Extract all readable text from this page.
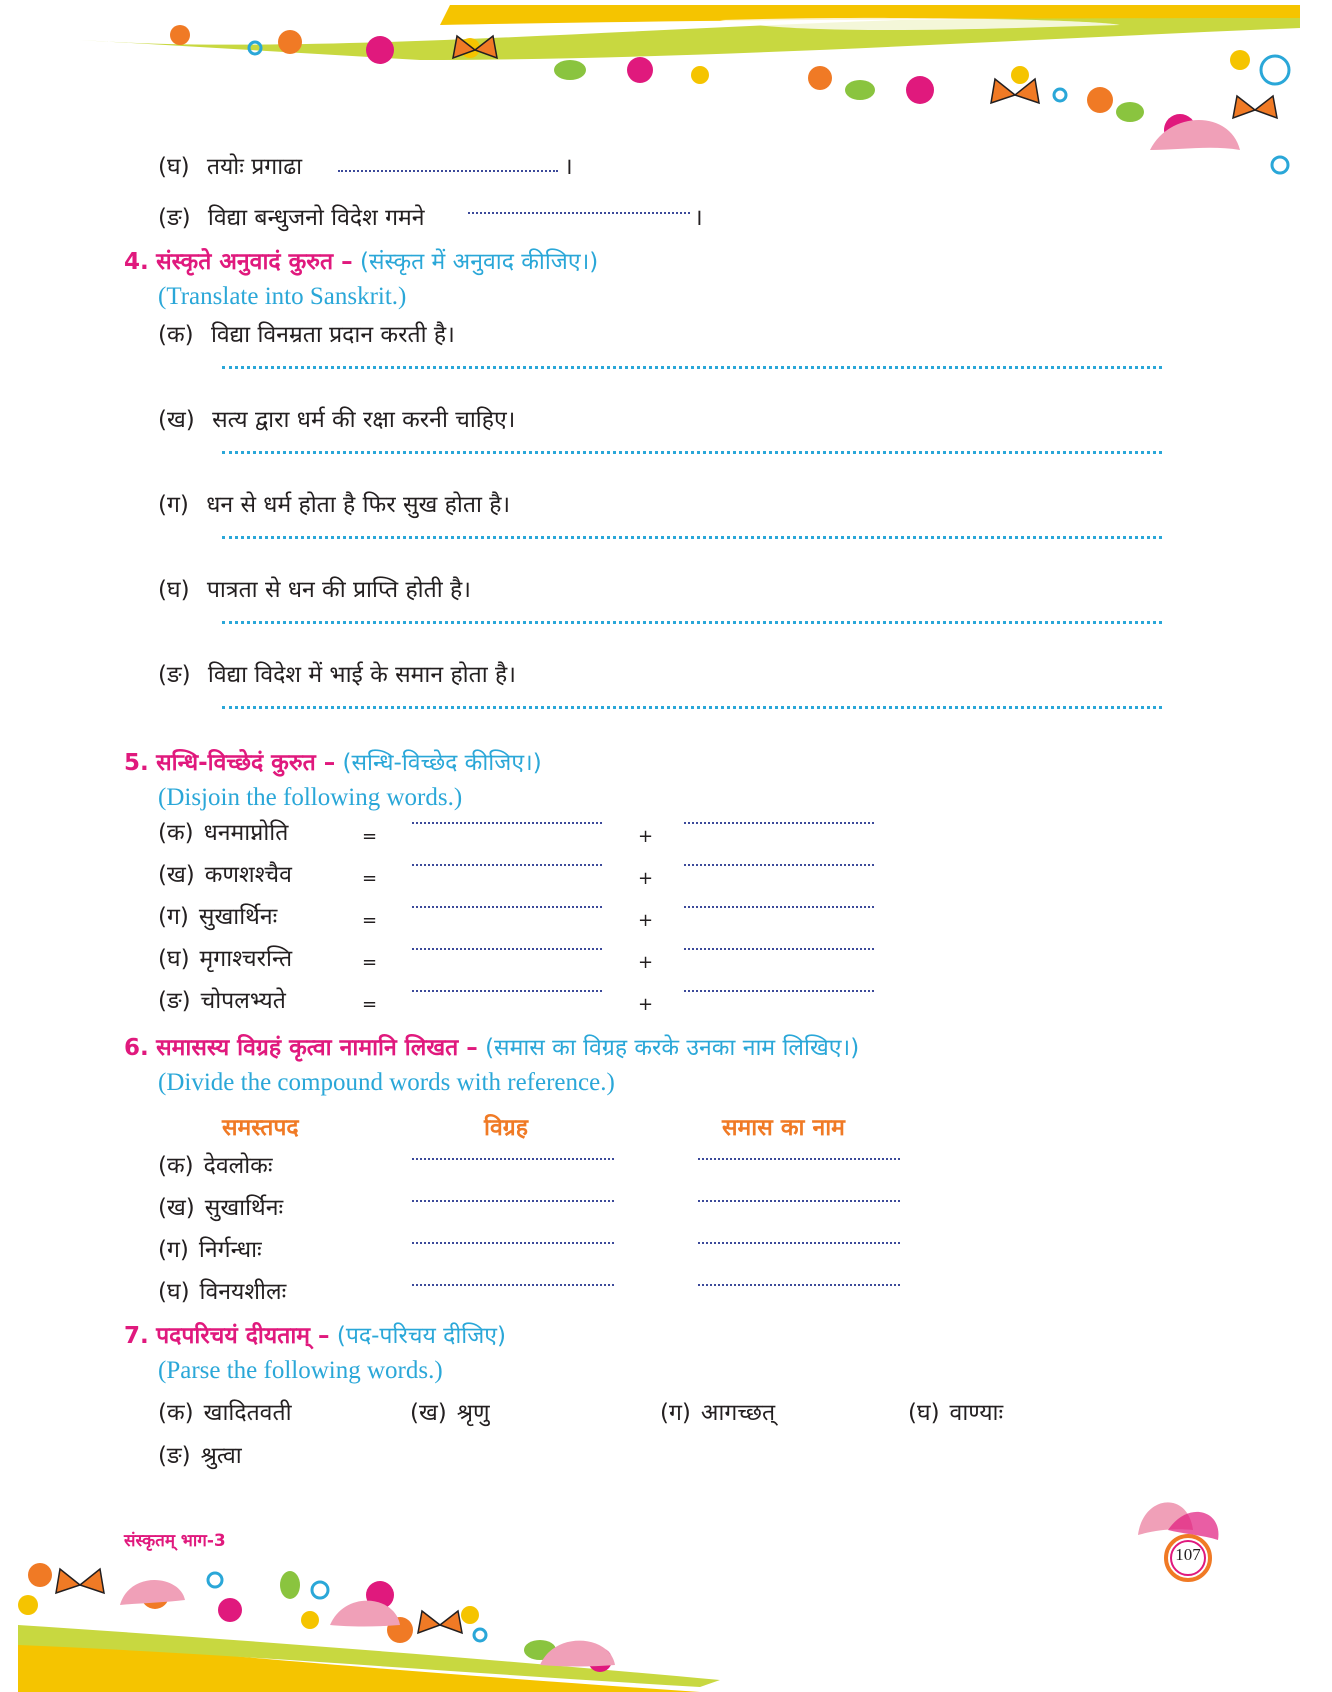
(घ) तयोः प्रगाढा	।
(ङ) विद्या बन्धुजनो विदेश गमने	।
4. संस्कृते अनुवादं कुरुत – (संस्कृत में अनुवाद कीजिए।)
(Translate into Sanskrit.)
(क) विद्या विनम्रता प्रदान करती है।
(ख) सत्य द्वारा धर्म की रक्षा करनी चाहिए।
(ग) धन से धर्म होता है फिर सुख होता है।
(घ) पात्रता से धन की प्राप्ति होती है।
(ङ) विद्या विदेश में भाई के समान होता है।
5. सन्धि-विच्छेदं कुरुत – (सन्धि-विच्छेद कीजिए।)
(Disjoin the following words.)
(क) धनमाप्नोति	=	+
(ख) कणशश्चैव	=	+
(ग) सुखार्थिनः	=	+
(घ) मृगाश्चरन्ति	=	+
(ङ) चोपलभ्यते	=	+
6. समासस्य विग्रहं कृत्वा नामानि लिखत – (समास का विग्रह करके उनका नाम लिखिए।)
(Divide the compound words with reference.)
समस्तपद	विग्रह	समास का नाम
(क) देवलोकः
(ख) सुखार्थिनः
(ग) निर्गन्धाः
(घ) विनयशीलः
7. पदपरिचयं दीयताम् – (पद-परिचय दीजिए)
(Parse the following words.)
(क) खादितवती	(ख) श्रृणु	(ग) आगच्छत्	(घ) वाण्याः
(ङ) श्रुत्वा
संस्कृतम् भाग-3
107
